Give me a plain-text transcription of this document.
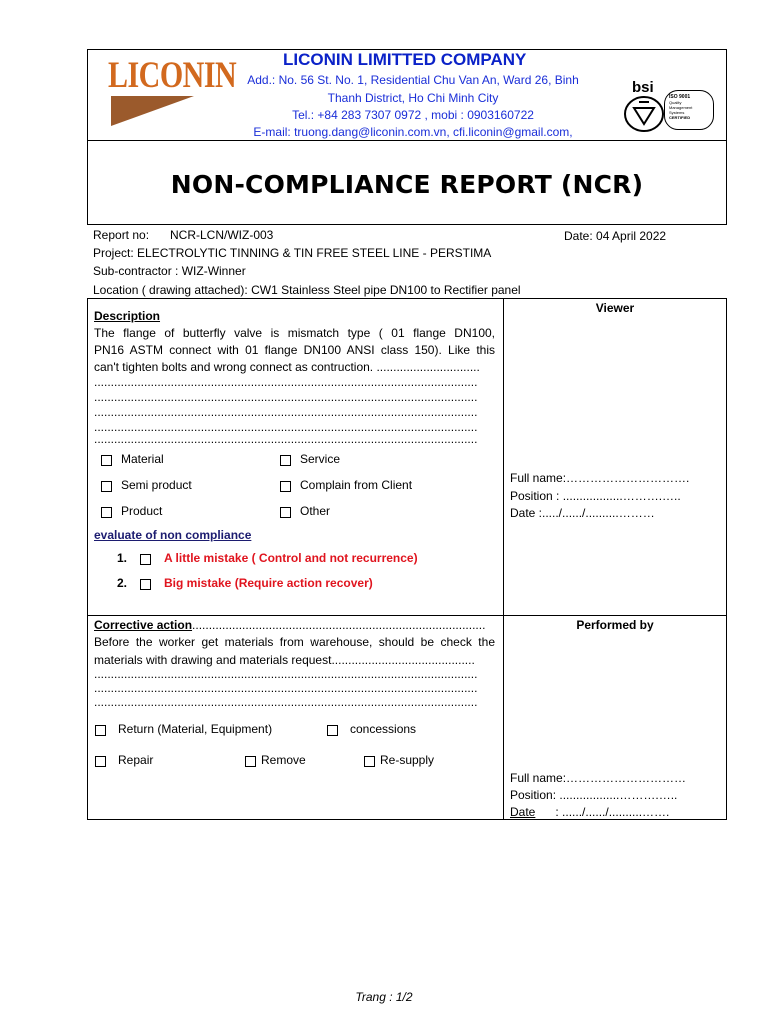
LICONIN	LICONIN LIMITTED COMPANY
Add.: No. 56 St. No. 1, Residential Chu Van An, Ward 26, Binh
Thanh District, Ho Chi Minh City
Tel.: +84 283 7307 0972 , mobi : 0903160722
E-mail: truong.dang@liconin.com.vn, cfi.liconin@gmail.com,
bsi
ISO 9001
Quality
Management
Systems
CERTIFIED
NON-COMPLIANCE REPORT (NCR)
Report no: NCR-LCN/WIZ-003	Date: 04 April 2022
Project: ELECTROLYTIC TINNING & TIN FREE STEEL LINE - PERSTIMA
Sub-contractor : WIZ-Winner
Location ( drawing attached): CW1 Stainless Steel pipe DN100 to Rectifier panel
Description
The flange of butterfly valve is mismatch type ( 01 flange DN100,
PN16 ASTM connect with 01 flange DN100 ANSI class 150). Like this
can't tighten bolts and wrong connect as contruction. ...............................
...................................................................................................................
...................................................................................................................
...................................................................................................................
...................................................................................................................
...................................................................................................................
Material	Service
Semi product	Complain from Client
Product	Other
evaluate of non compliance
1.	A little mistake ( Control and not recurrence)
2.	Big mistake (Require action recover)
Viewer
Full name:………………………….
Position : ..................……….…..
Date :...../....../..........………
Corrective action........................................................................................
Before the worker get materials from warehouse, should be check the
materials with drawing and materials request...........................................
...................................................................................................................
...................................................................................................................
...................................................................................................................
Return (Material, Equipment)	concessions
Repair	Remove	Re-supply
Performed by
Full name:…………………………
Position: ..................……….…..
Date      : ....../....../..........…….
Trang : 1/2
